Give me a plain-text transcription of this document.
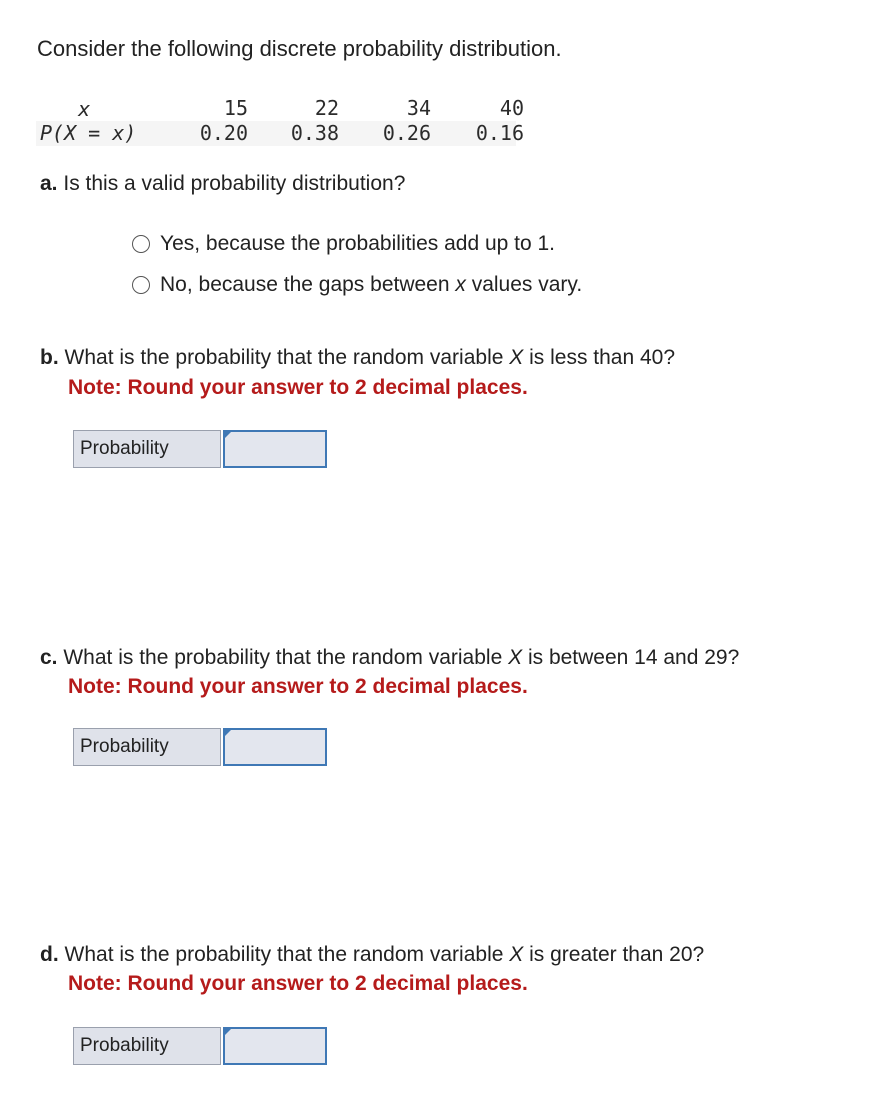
Consider the following discrete probability distribution.
x	15	22	34	40
P(X = x)	0.20	0.38	0.26	0.16
a. Is this a valid probability distribution?
Yes, because the probabilities add up to 1.
No, because the gaps between x values vary.
b. What is the probability that the random variable X is less than 40?
Note: Round your answer to 2 decimal places.
Probability
c. What is the probability that the random variable X is between 14 and 29?
Note: Round your answer to 2 decimal places.
Probability
d. What is the probability that the random variable X is greater than 20?
Note: Round your answer to 2 decimal places.
Probability
